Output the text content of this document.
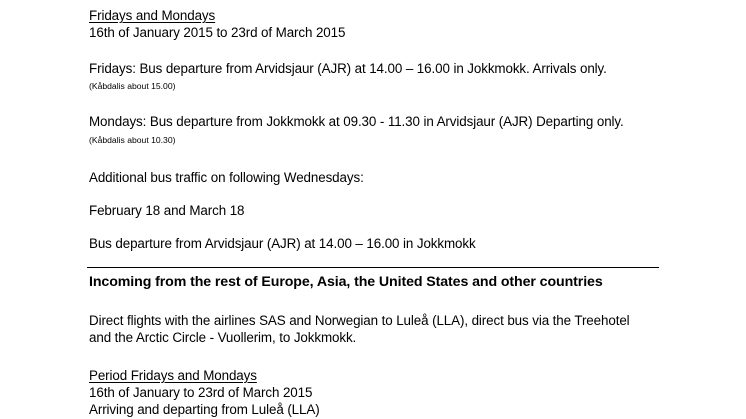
Fridays and Mondays
16th of January 2015 to 23rd of March 2015
Fridays: Bus departure from Arvidsjaur (AJR) at 14.00 – 16.00 in Jokkmokk. Arrivals only.
(Kåbdalis about 15.00)
Mondays: Bus departure from Jokkmokk at 09.30 - 11.30 in Arvidsjaur (AJR) Departing only.
(Kåbdalis about 10.30)
Additional bus traffic on following Wednesdays:
February 18 and March 18
Bus departure from Arvidsjaur (AJR) at 14.00 – 16.00 in Jokkmokk
Incoming from the rest of Europe, Asia, the United States and other countries
Direct flights with the airlines SAS and Norwegian to Luleå (LLA), direct bus via the Treehotel
and the Arctic Circle - Vuollerim, to Jokkmokk.
Period Fridays and Mondays
16th of January to 23rd of March 2015
Arriving and departing from Luleå (LLA)
